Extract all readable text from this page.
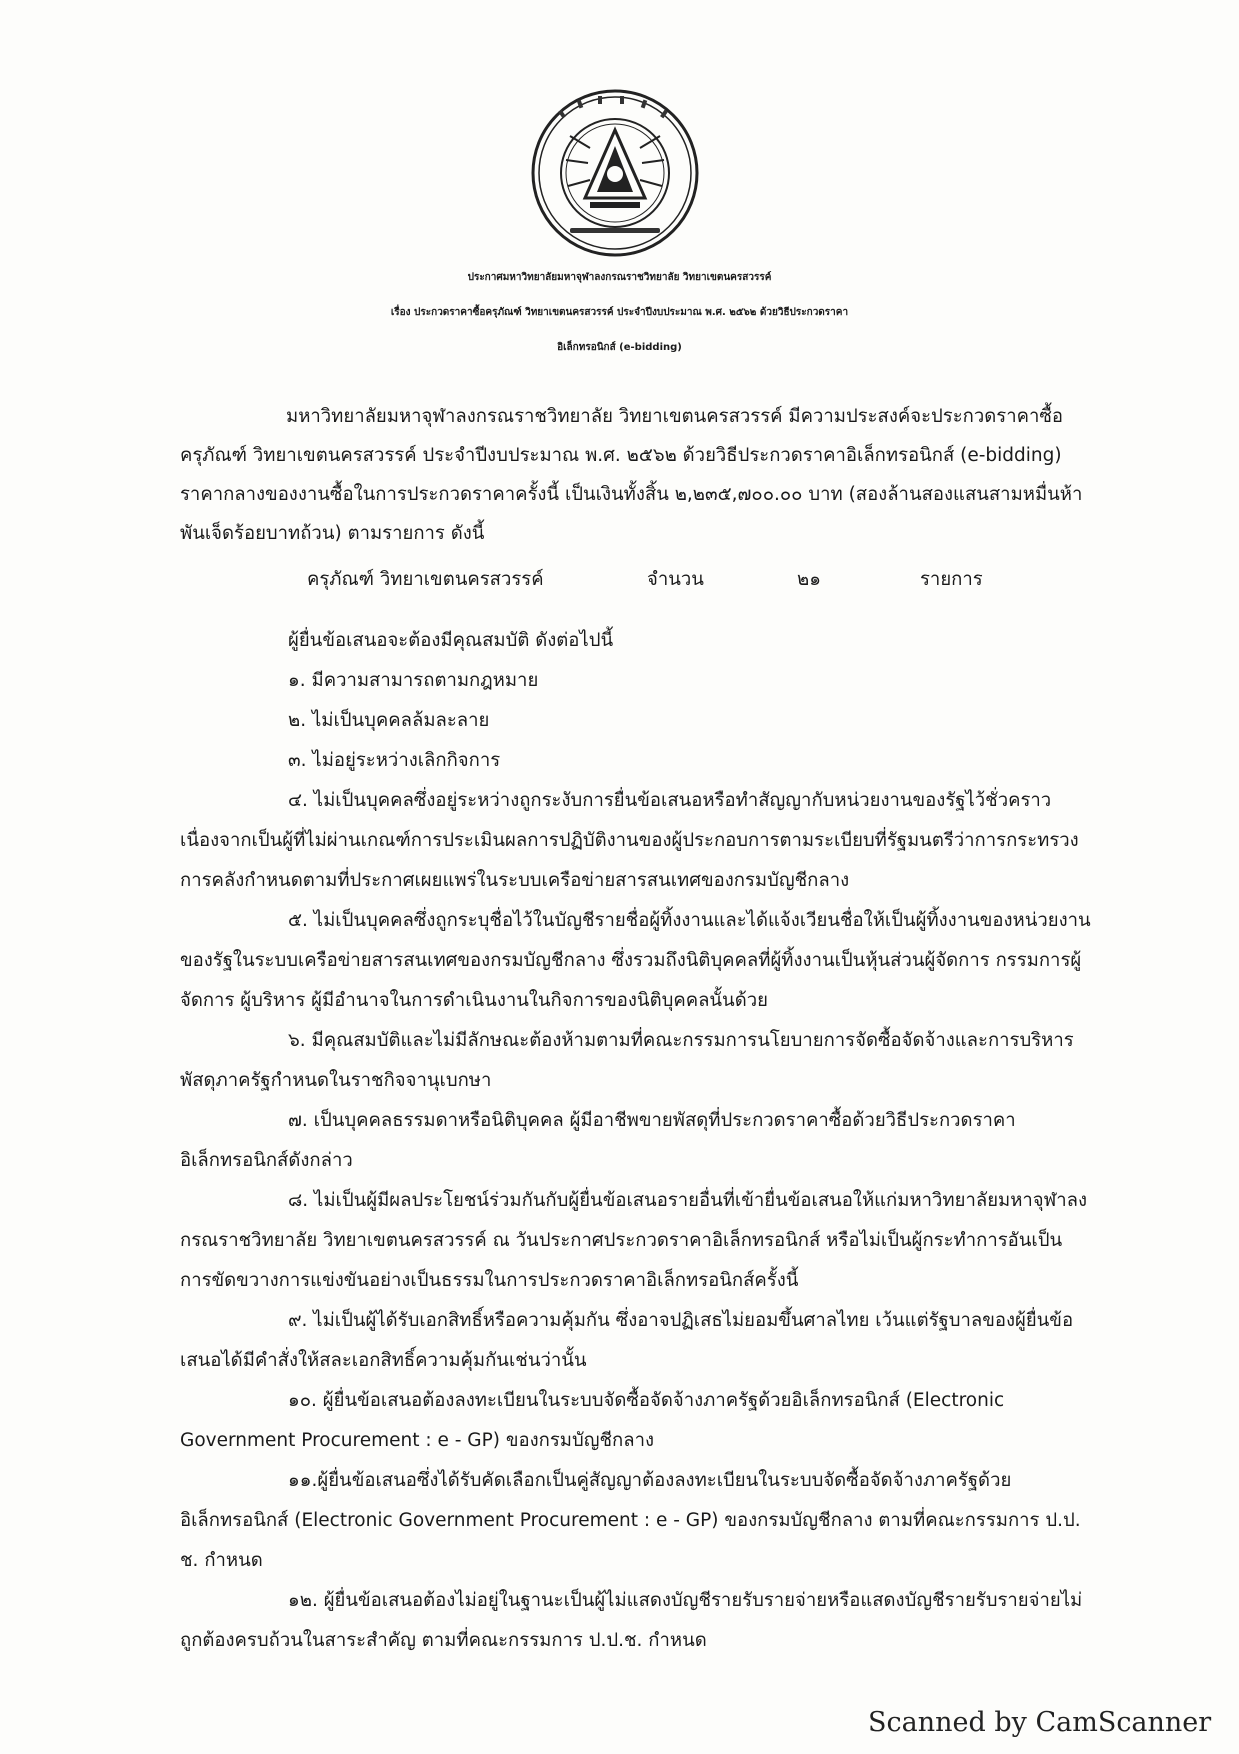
ประกาศมหาวิทยาลัยมหาจุฬาลงกรณราชวิทยาลัย วิทยาเขตนครสวรรค์
เรื่อง ประกวดราคาซื้อครุภัณฑ์ วิทยาเขตนครสวรรค์ ประจำปีงบประมาณ พ.ศ. ๒๕๖๒ ด้วยวิธีประกวดราคา
อิเล็กทรอนิกส์ (e-bidding)
มหาวิทยาลัยมหาจุฬาลงกรณราชวิทยาลัย วิทยาเขตนครสวรรค์ มีความประสงค์จะประกวดราคาซื้อ
ครุภัณฑ์ วิทยาเขตนครสวรรค์ ประจำปีงบประมาณ พ.ศ. ๒๕๖๒ ด้วยวิธีประกวดราคาอิเล็กทรอนิกส์ (e-bidding)
ราคากลางของงานซื้อในการประกวดราคาครั้งนี้ เป็นเงินทั้งสิ้น ๒,๒๓๕,๗๐๐.๐๐ บาท (สองล้านสองแสนสามหมื่นห้า
พันเจ็ดร้อยบาทถ้วน) ตามรายการ ดังนี้
ครุภัณฑ์ วิทยาเขตนครสวรรค์	จำนวน	๒๑	รายการ
ผู้ยื่นข้อเสนอจะต้องมีคุณสมบัติ ดังต่อไปนี้
๑. มีความสามารถตามกฎหมาย
๒. ไม่เป็นบุคคลล้มละลาย
๓. ไม่อยู่ระหว่างเลิกกิจการ
๔. ไม่เป็นบุคคลซึ่งอยู่ระหว่างถูกระงับการยื่นข้อเสนอหรือทำสัญญากับหน่วยงานของรัฐไว้ชั่วคราว
เนื่องจากเป็นผู้ที่ไม่ผ่านเกณฑ์การประเมินผลการปฏิบัติงานของผู้ประกอบการตามระเบียบที่รัฐมนตรีว่าการกระทรวง
การคลังกำหนดตามที่ประกาศเผยแพร่ในระบบเครือข่ายสารสนเทศของกรมบัญชีกลาง
๕. ไม่เป็นบุคคลซึ่งถูกระบุชื่อไว้ในบัญชีรายชื่อผู้ทิ้งงานและได้แจ้งเวียนชื่อให้เป็นผู้ทิ้งงานของหน่วยงาน
ของรัฐในระบบเครือข่ายสารสนเทศของกรมบัญชีกลาง ซึ่งรวมถึงนิติบุคคลที่ผู้ทิ้งงานเป็นหุ้นส่วนผู้จัดการ กรรมการผู้
จัดการ ผู้บริหาร ผู้มีอำนาจในการดำเนินงานในกิจการของนิติบุคคลนั้นด้วย
๖. มีคุณสมบัติและไม่มีลักษณะต้องห้ามตามที่คณะกรรมการนโยบายการจัดซื้อจัดจ้างและการบริหาร
พัสดุภาครัฐกำหนดในราชกิจจานุเบกษา
๗. เป็นบุคคลธรรมดาหรือนิติบุคคล ผู้มีอาชีพขายพัสดุที่ประกวดราคาซื้อด้วยวิธีประกวดราคา
อิเล็กทรอนิกส์ดังกล่าว
๘. ไม่เป็นผู้มีผลประโยชน์ร่วมกันกับผู้ยื่นข้อเสนอรายอื่นที่เข้ายื่นข้อเสนอให้แก่มหาวิทยาลัยมหาจุฬาลง
กรณราชวิทยาลัย วิทยาเขตนครสวรรค์ ณ วันประกาศประกวดราคาอิเล็กทรอนิกส์ หรือไม่เป็นผู้กระทำการอันเป็น
การขัดขวางการแข่งขันอย่างเป็นธรรมในการประกวดราคาอิเล็กทรอนิกส์ครั้งนี้
๙. ไม่เป็นผู้ได้รับเอกสิทธิ์หรือความคุ้มกัน ซึ่งอาจปฏิเสธไม่ยอมขึ้นศาลไทย เว้นแต่รัฐบาลของผู้ยื่นข้อ
เสนอได้มีคำสั่งให้สละเอกสิทธิ์ความคุ้มกันเช่นว่านั้น
๑๐. ผู้ยื่นข้อเสนอต้องลงทะเบียนในระบบจัดซื้อจัดจ้างภาครัฐด้วยอิเล็กทรอนิกส์ (Electronic
Government Procurement : e - GP) ของกรมบัญชีกลาง
๑๑.ผู้ยื่นข้อเสนอซึ่งได้รับคัดเลือกเป็นคู่สัญญาต้องลงทะเบียนในระบบจัดซื้อจัดจ้างภาครัฐด้วย
อิเล็กทรอนิกส์ (Electronic Government Procurement : e - GP) ของกรมบัญชีกลาง ตามที่คณะกรรมการ ป.ป.
ช. กำหนด
๑๒. ผู้ยื่นข้อเสนอต้องไม่อยู่ในฐานะเป็นผู้ไม่แสดงบัญชีรายรับรายจ่ายหรือแสดงบัญชีรายรับรายจ่ายไม่
ถูกต้องครบถ้วนในสาระสำคัญ ตามที่คณะกรรมการ ป.ป.ช. กำหนด
Scanned by CamScanner
